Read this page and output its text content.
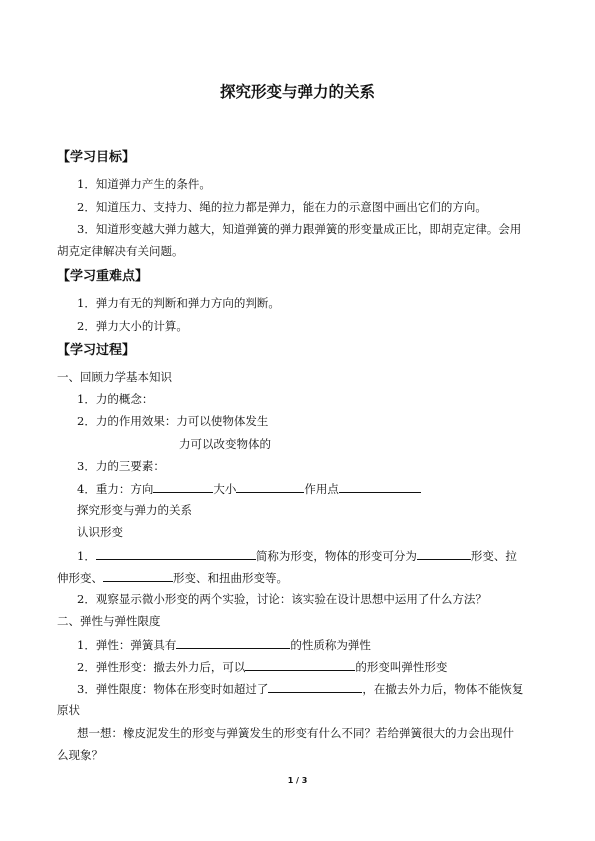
探究形变与弹力的关系
【学习目标】
1．知道弹力产生的条件。
2．知道压力、支持力、绳的拉力都是弹力，能在力的示意图中画出它们的方向。
3．知道形变越大弹力越大，知道弹簧的弹力跟弹簧的形变量成正比，即胡克定律。会用
胡克定律解决有关问题。
【学习重难点】
1．弹力有无的判断和弹力方向的判断。
2．弹力大小的计算。
【学习过程】
一、回顾力学基本知识
1．力的概念：
2．力的作用效果：力可以使物体发生
力可以改变物体的
3．力的三要素：
4．重力：方向	大小	作用点
探究形变与弹力的关系
认识形变
1．	简称为形变，物体的形变可分为	形变、拉
伸形变、	形变、和扭曲形变等。
2．观察显示微小形变的两个实验，讨论：该实验在设计思想中运用了什么方法？
二、弹性与弹性限度
1．弹性：弹簧具有	的性质称为弹性
2．弹性形变：撤去外力后，可以	的形变叫弹性形变
3．弹性限度：物体在形变时如超过了	，在撤去外力后，物体不能恢复
原状
想一想：橡皮泥发生的形变与弹簧发生的形变有什么不同？若给弹簧很大的力会出现什
么现象？
1 / 3
